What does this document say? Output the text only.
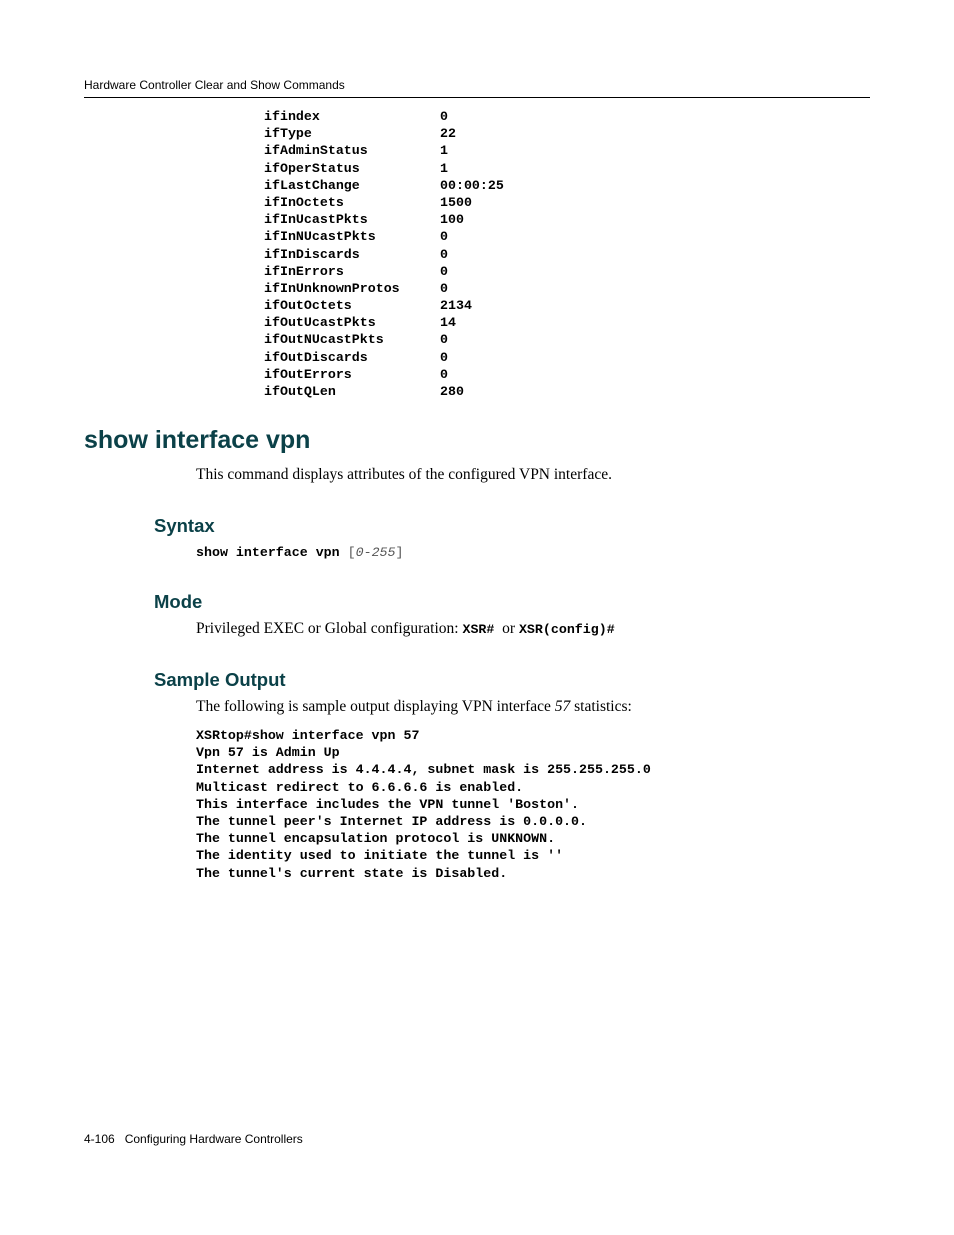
Hardware Controller Clear and Show Commands
ifindex	0
ifType	22
ifAdminStatus	1
ifOperStatus	1
ifLastChange	00:00:25
ifInOctets	1500
ifInUcastPkts	100
ifInNUcastPkts	0
ifInDiscards	0
ifInErrors	0
ifInUnknownProtos	0
ifOutOctets	2134
ifOutUcastPkts	14
ifOutNUcastPkts	0
ifOutDiscards	0
ifOutErrors	0
ifOutQLen	280
show interface vpn
This command displays attributes of the configured VPN interface.
Syntax
show interface vpn [0-255]
Mode
Privileged EXEC or Global configuration: XSR# or XSR(config)#
Sample Output
The following is sample output displaying VPN interface 57 statistics:
XSRtop#show interface vpn 57
Vpn 57 is Admin Up
Internet address is 4.4.4.4, subnet mask is 255.255.255.0
Multicast redirect to 6.6.6.6 is enabled.
This interface includes the VPN tunnel 'Boston'.
The tunnel peer's Internet IP address is 0.0.0.0.
The tunnel encapsulation protocol is UNKNOWN.
The identity used to initiate the tunnel is ''
The tunnel's current state is Disabled.
4-106 Configuring Hardware Controllers
